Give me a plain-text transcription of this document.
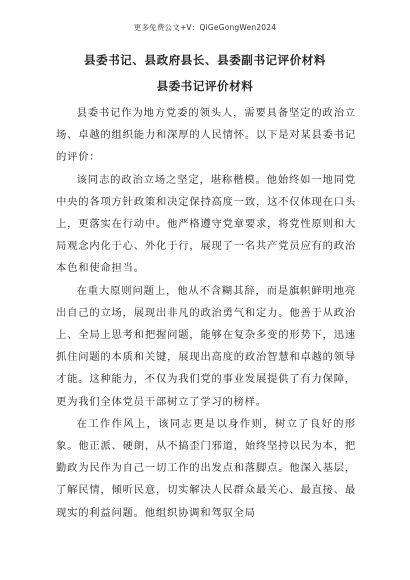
更多免费公文+V：QiGeGongWen2024
县委书记、县政府县长、县委副书记评价材料
县委书记评价材料

县委书记作为地方党委的领头人，需要具备坚定的政治立场、卓越的组织能力和深厚的人民情怀。以下是对某县委书记的评价：

该同志的政治立场之坚定，堪称楷模。他始终如一地同党中央的各项方针政策和决定保持高度一致，这不仅体现在口头上，更落实在行动中。他严格遵守党章要求，将党性原则和大局观念内化于心、外化于行，展现了一名共产党员应有的政治本色和使命担当。

在重大原则问题上，他从不含糊其辞，而是旗帜鲜明地亮出自己的立场，展现出非凡的政治勇气和定力。他善于从政治上、全局上思考和把握问题，能够在复杂多变的形势下，迅速抓住问题的本质和关键，展现出高度的政治智慧和卓越的领导才能。这种能力，不仅为我们党的事业发展提供了有力保障，更为我们全体党员干部树立了学习的榜样。

在工作作风上，该同志更是以身作则，树立了良好的形象。他正派、硬朗，从不搞歪门邪道，始终坚持以民为本，把勤政为民作为自己一切工作的出发点和落脚点。他深入基层，了解民情，倾听民意，切实解决人民群众最关心、最直接、最现实的利益问题。他组织协调和驾驭全局
